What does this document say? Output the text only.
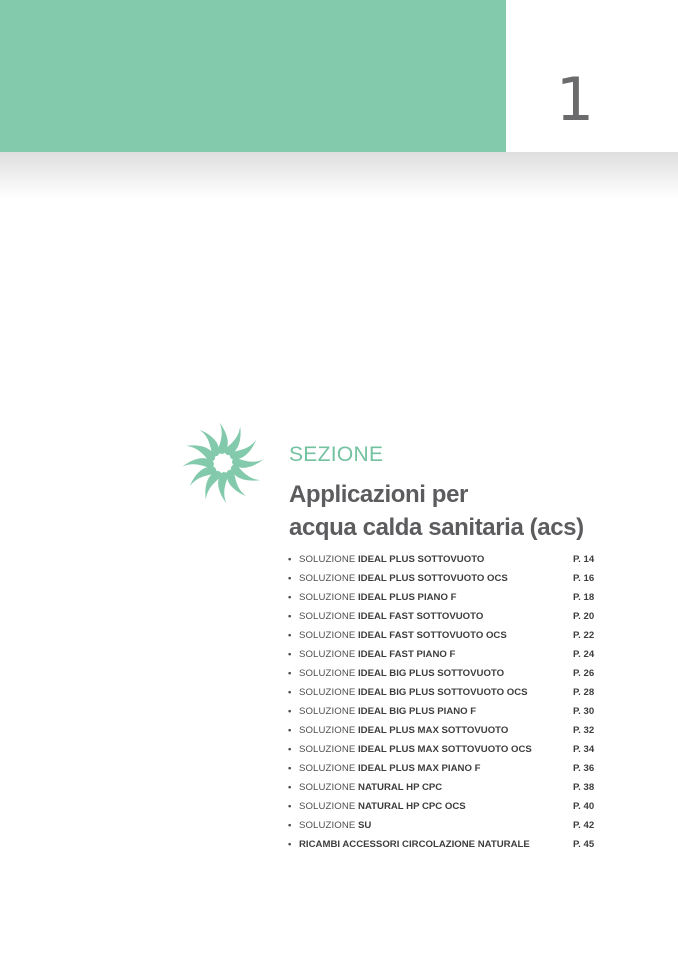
1
SEZIONE
Applicazioni per
acqua calda sanitaria (acs)
• SOLUZIONE IDEAL PLUS SOTTOVUOTO	P. 14
• SOLUZIONE IDEAL PLUS SOTTOVUOTO OCS	P. 16
• SOLUZIONE IDEAL PLUS PIANO F	P. 18
• SOLUZIONE IDEAL FAST SOTTOVUOTO	P. 20
• SOLUZIONE IDEAL FAST SOTTOVUOTO OCS	P. 22
• SOLUZIONE IDEAL FAST PIANO F	P. 24
• SOLUZIONE IDEAL BIG PLUS SOTTOVUOTO	P. 26
• SOLUZIONE IDEAL BIG PLUS SOTTOVUOTO OCS	P. 28
• SOLUZIONE IDEAL BIG PLUS PIANO F	P. 30
• SOLUZIONE IDEAL PLUS MAX SOTTOVUOTO	P. 32
• SOLUZIONE IDEAL PLUS MAX SOTTOVUOTO OCS	P. 34
• SOLUZIONE IDEAL PLUS MAX PIANO F	P. 36
• SOLUZIONE NATURAL HP CPC	P. 38
• SOLUZIONE NATURAL HP CPC OCS	P. 40
• SOLUZIONE SU	P. 42
• RICAMBI ACCESSORI CIRCOLAZIONE NATURALE	P. 45
